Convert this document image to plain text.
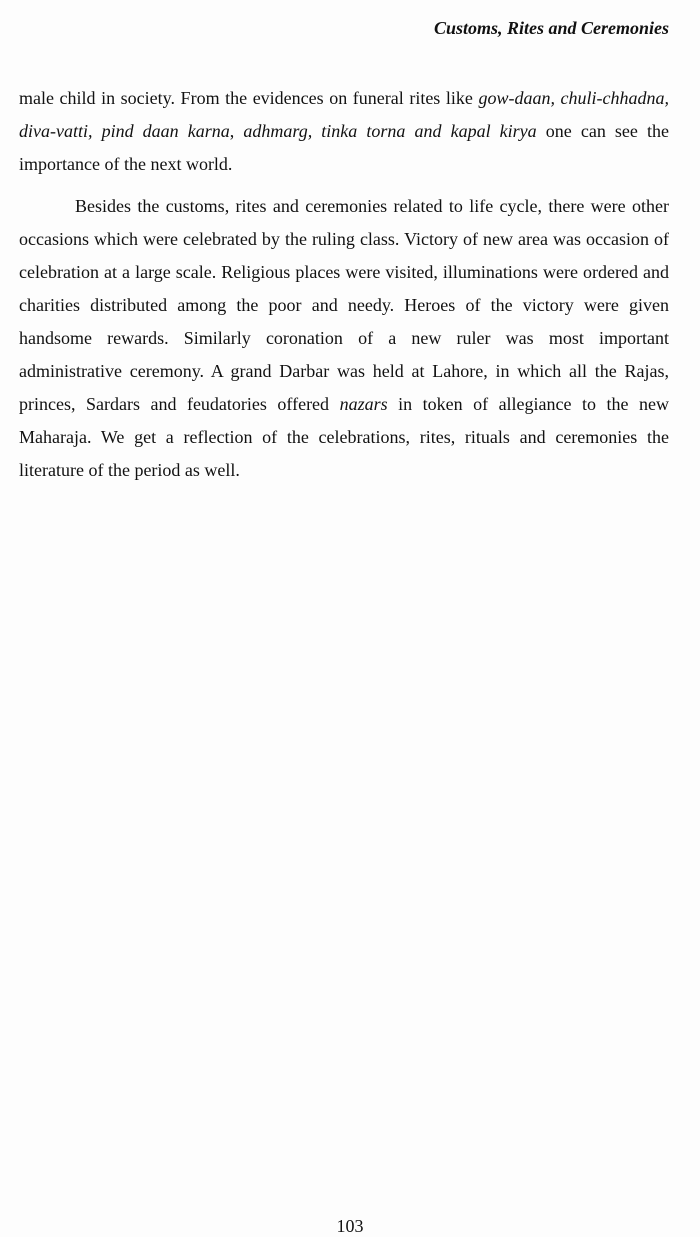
Customs, Rites and Ceremonies

male child in society. From the evidences on funeral rites like gow-daan, chuli-chhadna, diva-vatti, pind daan karna, adhmarg, tinka torna and kapal kirya one can see the importance of the next world.

Besides the customs, rites and ceremonies related to life cycle, there were other occasions which were celebrated by the ruling class. Victory of new area was occasion of celebration at a large scale. Religious places were visited, illuminations were ordered and charities distributed among the poor and needy. Heroes of the victory were given handsome rewards. Similarly coronation of a new ruler was most important administrative ceremony. A grand Darbar was held at Lahore, in which all the Rajas, princes, Sardars and feudatories offered nazars in token of allegiance to the new Maharaja. We get a reflection of the celebrations, rites, rituals and ceremonies the literature of the period as well.

103
